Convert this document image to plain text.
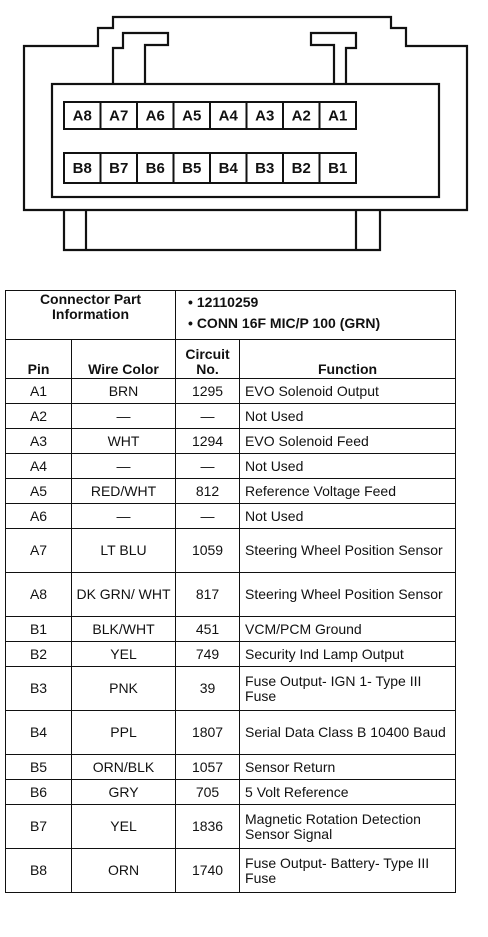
A8 A7 A6 A5 A4 A3 A2 A1
B8 B7 B6 B5 B4 B3 B2 B1
Connector Part Information		• 12110259
• CONN 16F MIC/P 100 (GRN)	

Pin	Wire Color	Circuit No.	Function
A1	BRN	1295	EVO Solenoid Output
A2	—	—	Not Used
A3	WHT	1294	EVO Solenoid Feed
A4	—	—	Not Used
A5	RED/WHT	812	Reference Voltage Feed
A6	—	—	Not Used
A7	LT BLU	1059	Steering Wheel Position Sensor
A8	DK GRN/ WHT	817	Steering Wheel Position Sensor
B1	BLK/WHT	451	VCM/PCM Ground
B2	YEL	749	Security Ind Lamp Output
B3	PNK	39	Fuse Output- IGN 1- Type III Fuse
B4	PPL	1807	Serial Data Class B 10400 Baud
B5	ORN/BLK	1057	Sensor Return
B6	GRY	705	5 Volt Reference
B7	YEL	1836	Magnetic Rotation Detection Sensor Signal
B8	ORN	1740	Fuse Output- Battery- Type III Fuse
